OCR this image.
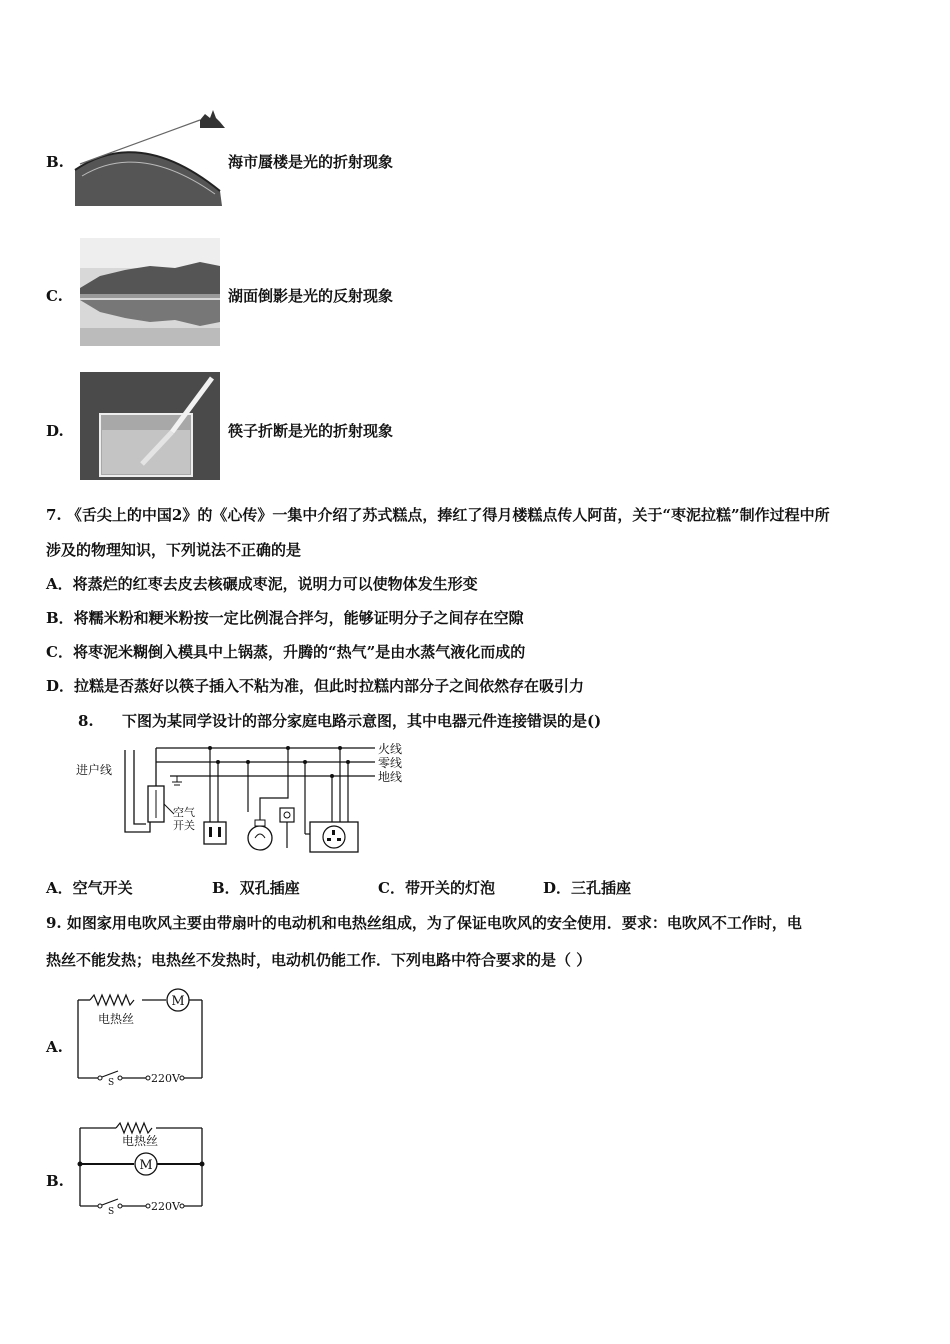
B.	海市蜃楼是光的折射现象
C.	湖面倒影是光的反射现象
D.	筷子折断是光的折射现象
7. 《舌尖上的中国2》的《心传》一集中介绍了苏式糕点，捧红了得月楼糕点传人阿苗，关于“枣泥拉糕”制作过程中所
涉及的物理知识，下列说法不正确的是
A．将蒸烂的红枣去皮去核碾成枣泥，说明力可以使物体发生形变
B．将糯米粉和粳米粉按一定比例混合拌匀，能够证明分子之间存在空隙
C．将枣泥米糊倒入模具中上锅蒸，升腾的“热气”是由水蒸气液化而成的
D．拉糕是否蒸好以筷子插入不粘为准，但此时拉糕内部分子之间依然存在吸引力
8. 下图为某同学设计的部分家庭电路示意图，其中电器元件连接错误的是()
火线
零线
地线
进户线
空气
开关
A．空气开关	B．双孔插座	C．带开关的灯泡	D．三孔插座
9. 如图家用电吹风主要由带扇叶的电动机和电热丝组成，为了保证电吹风的安全使用．要求：电吹风不工作时，电
热丝不能发热；电热丝不发热时，电动机仍能工作．下列电路中符合要求的是（ ）
A.
M
电热丝
S	220V
B.
电热丝
M
S	220V
